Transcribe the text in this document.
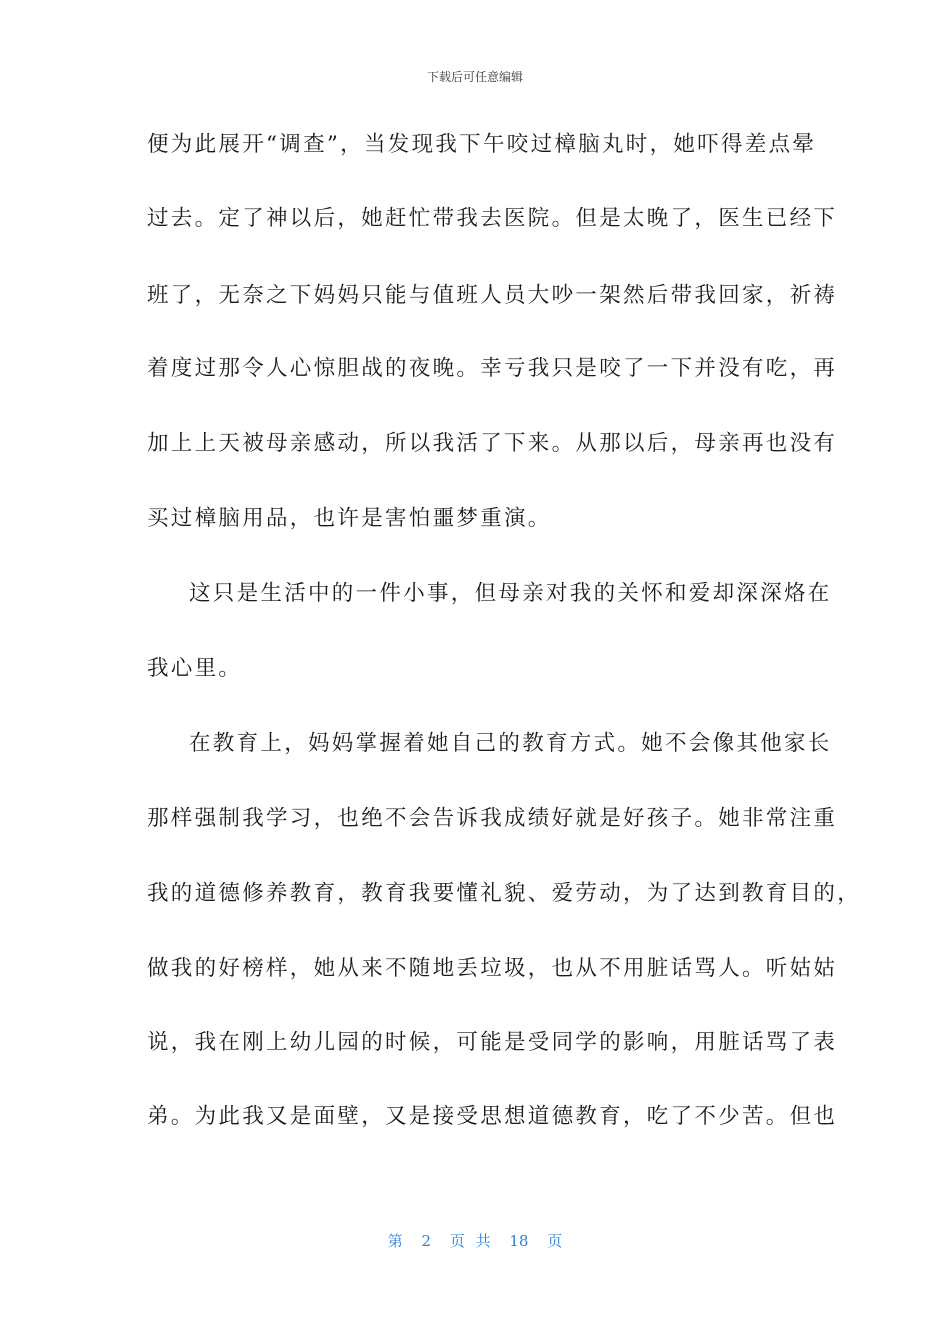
下载后可任意编辑
便为此展开“调查”，当发现我下午咬过樟脑丸时，她吓得差点晕
过去。定了神以后，她赶忙带我去医院。但是太晚了，医生已经下
班了，无奈之下妈妈只能与值班人员大吵一架然后带我回家，祈祷
着度过那令人心惊胆战的夜晚。幸亏我只是咬了一下并没有吃，再
加上上天被母亲感动，所以我活了下来。从那以后，母亲再也没有
买过樟脑用品，也许是害怕噩梦重演。
这只是生活中的一件小事，但母亲对我的关怀和爱却深深烙在
我心里。
在教育上，妈妈掌握着她自己的教育方式。她不会像其他家长
那样强制我学习，也绝不会告诉我成绩好就是好孩子。她非常注重
我的道德修养教育，教育我要懂礼貌、爱劳动，为了达到教育目的，
做我的好榜样，她从来不随地丢垃圾，也从不用脏话骂人。听姑姑
说，我在刚上幼儿园的时候，可能是受同学的影响，用脏话骂了表
弟。为此我又是面壁，又是接受思想道德教育，吃了不少苦。但也
第 2 页 共 18 页
